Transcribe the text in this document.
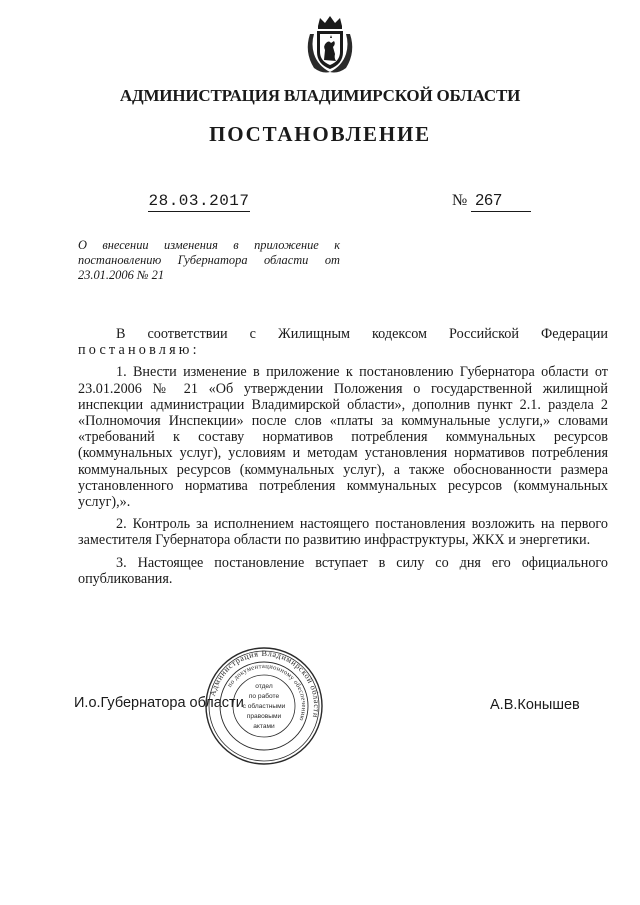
АДМИНИСТРАЦИЯ ВЛАДИМИРСКОЙ ОБЛАСТИ
ПОСТАНОВЛЕНИЕ
28.03.2017	№ 267
О внесении изменения в приложение к
постановлению Губернатора области от
23.01.2006 № 21

В соответствии с Жилищным кодексом Российской Федерации

постановляю:

1. Внести изменение в приложение к постановлению Губернатора области от 23.01.2006 № 21 «Об утверждении Положения о государственной жилищной инспекции администрации Владимирской области», дополнив пункт 2.1. раздела 2 «Полномочия Инспекции» после слов «платы за коммунальные услуги,» словами «требований к составу нормативов потребления коммунальных ресурсов (коммунальных услуг), условиям и методам установления нормативов потребления коммунальных ресурсов (коммунальных услуг), а также обоснованности размера установленного норматива потребления коммунальных ресурсов (коммунальных услуг),».

2. Контроль за исполнением настоящего постановления возложить на первого заместителя Губернатора области по развитию инфраструктуры, ЖКХ и энергетики.

3. Настоящее постановление вступает в силу со дня его официального опубликования.

И.о.Губернатора области	А.В.Конышев
Администрация Владимирской области
по документационному обеспечению
отдел
по работе
с областными
правовыми
актами
